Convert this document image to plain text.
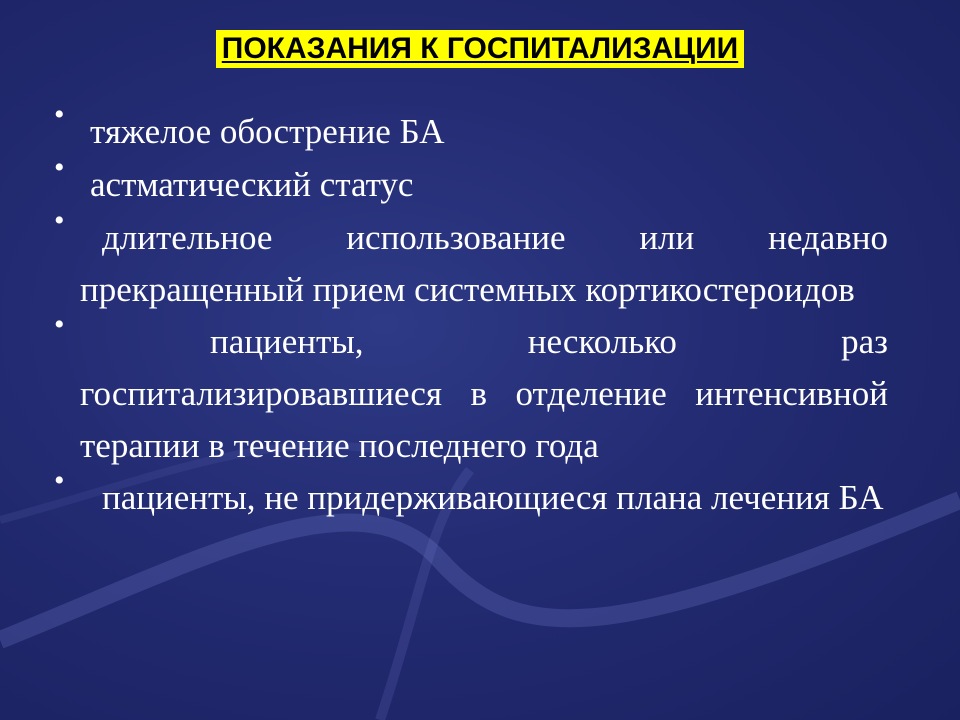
ПОКАЗАНИЯ К ГОСПИТАЛИЗАЦИИ
• тяжелое обострение БА
• астматический статус
•	длительное использование или недавно прекращенный прием системных кортикостероидов
•	пациенты, несколько раз госпитализировавшиеся в отделение интенсивной терапии в течение последнего года
•	пациенты, не придерживающиеся плана лечения БА
